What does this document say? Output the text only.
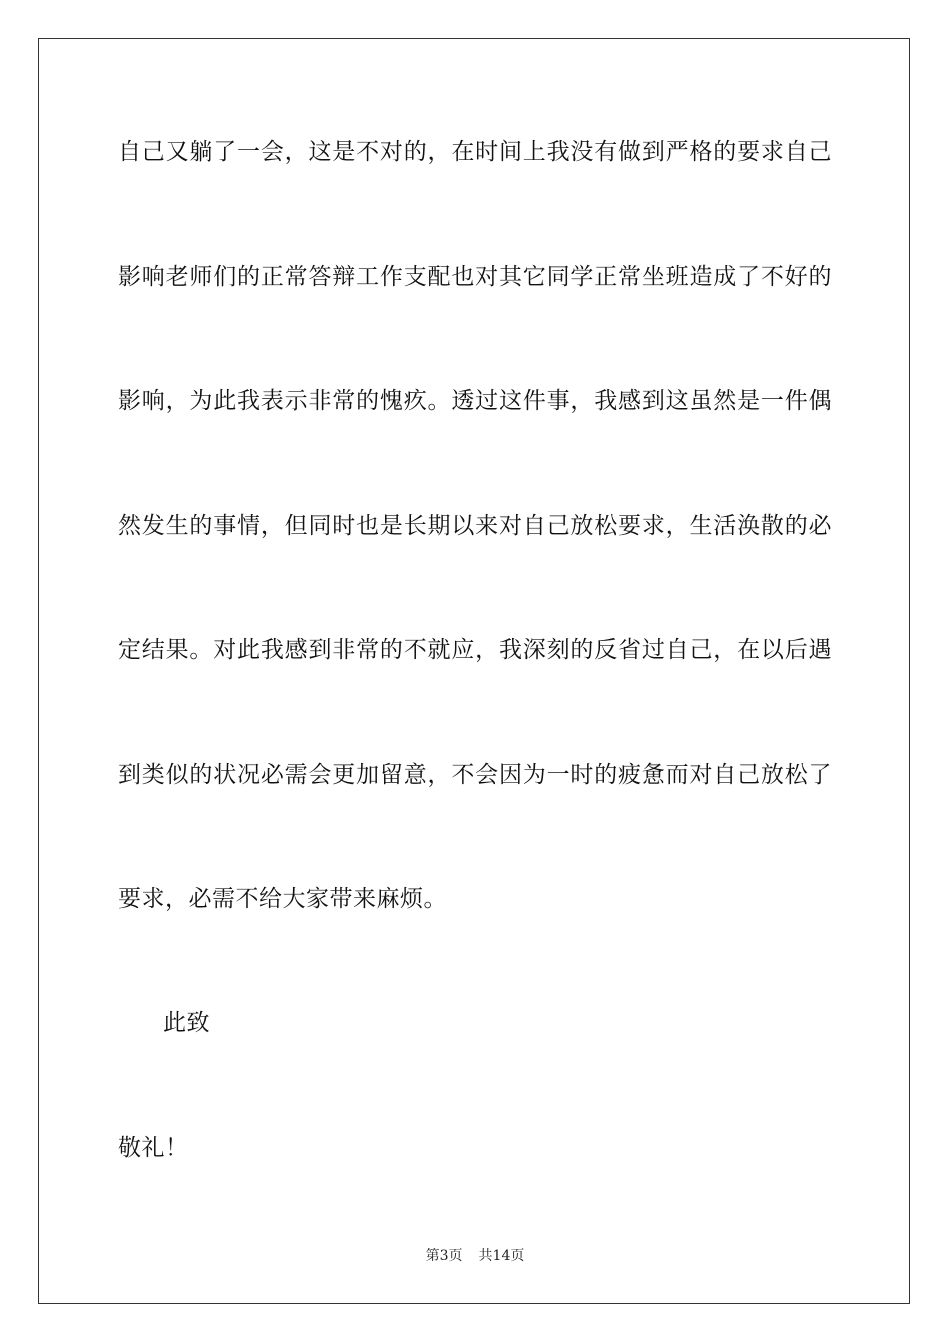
自己又躺了一会，这是不对的，在时间上我没有做到严格的要求自己
影响老师们的正常答辩工作支配也对其它同学正常坐班造成了不好的
影响，为此我表示非常的愧疚。透过这件事，我感到这虽然是一件偶
然发生的事情，但同时也是长期以来对自己放松要求，生活涣散的必
定结果。对此我感到非常的不就应，我深刻的反省过自己，在以后遇
到类似的状况必需会更加留意，不会因为一时的疲惫而对自己放松了
要求，必需不给大家带来麻烦。
此致
敬礼！
第3页 共14页
